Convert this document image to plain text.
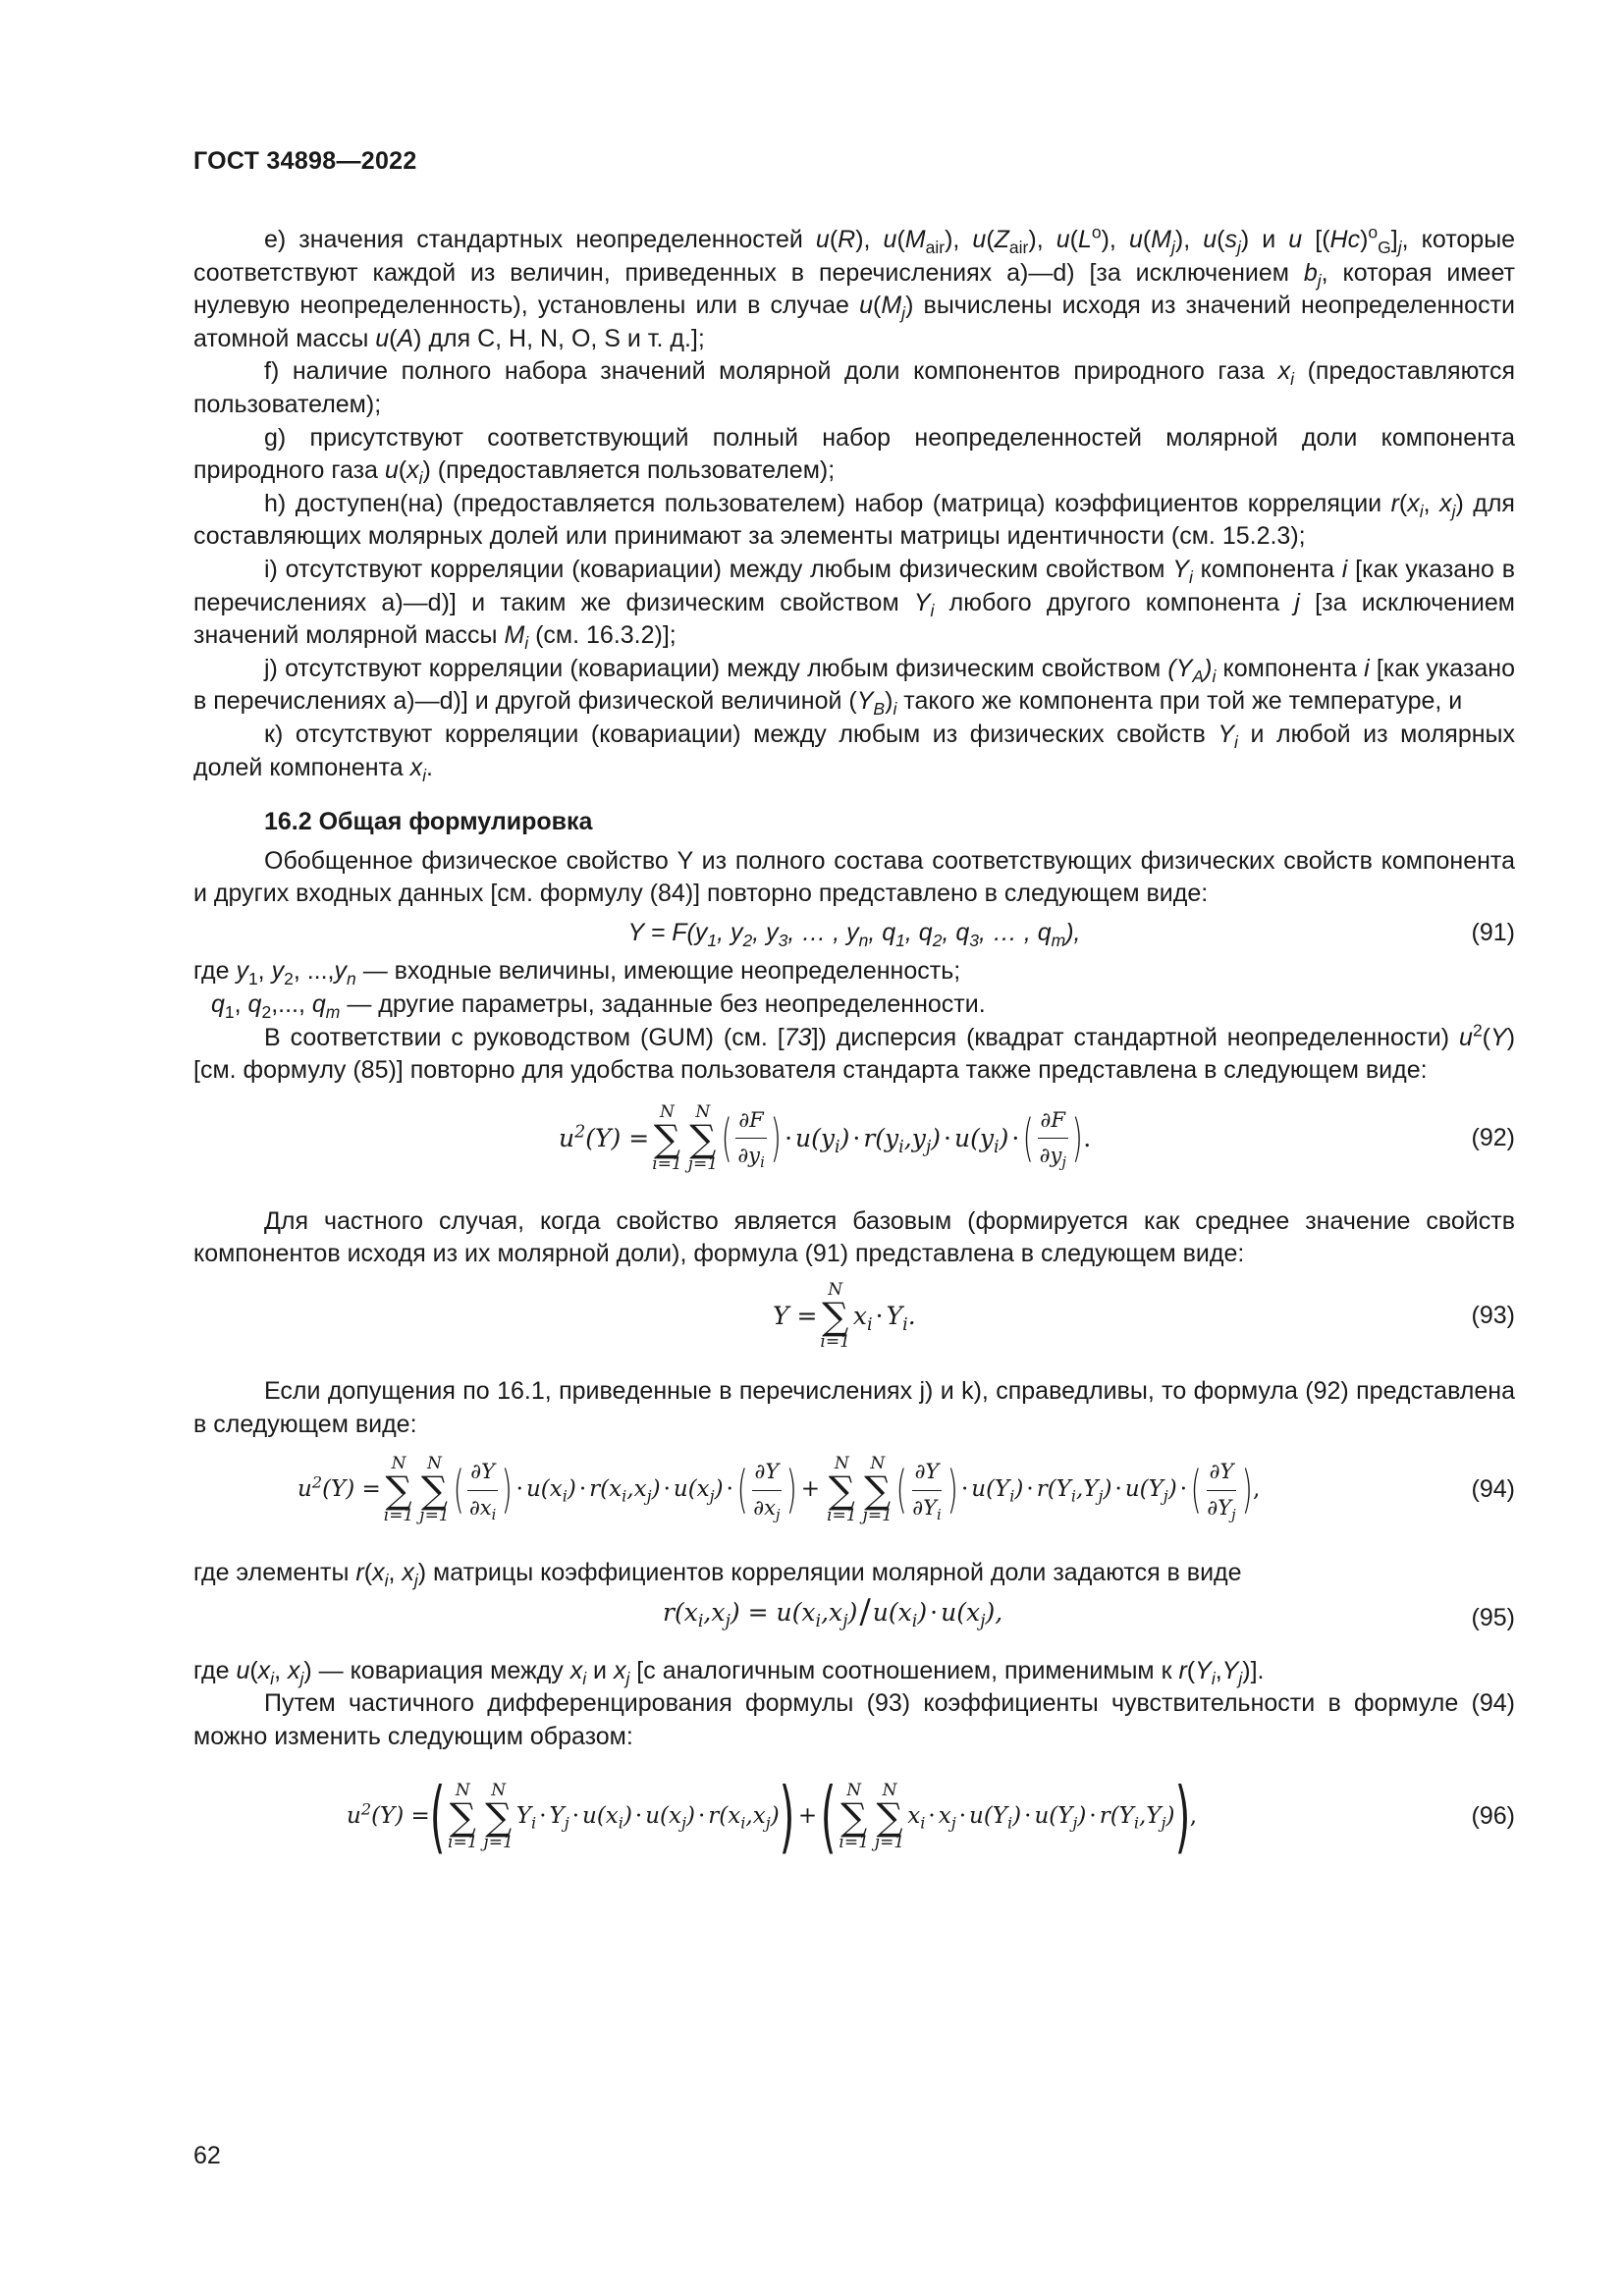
ГОСТ 34898—2022

e) значения стандартных неопределенностей u(R), $u(M_{air})$, $u(Z_{air})$, $u(L^o)$, $u(M_j)$, $u(s_j)$ и u $[(Hc)^o_G]_j$, которые соответствуют каждой из величин, приведенных в перечислениях а)—d) [за исключением $b_j$, которая имеет нулевую неопределенность), установлены или в случае $u(M_j)$ вычислены исходя из значений неопределенности атомной массы u(A) для C, H, N, O, S и т. д.];

f) наличие полного набора значений молярной доли компонентов природного газа $x_i$ (предоставляются пользователем);

g) присутствуют соответствующий полный набор неопределенностей молярной доли компонента природного газа $u(x_i)$ (предоставляется пользователем);

h) доступен(на) (предоставляется пользователем) набор (матрица) коэффициентов корреляции $r(x_i$, $x_j$) для составляющих молярных долей или принимают за элементы матрицы идентичности (см. 15.2.3);

i) отсутствуют корреляции (ковариации) между любым физическим свойством $Y_i$ компонента i [как указано в перечислениях а)—d)] и таким же физическим свойством $Y_i$ любого другого компонента j [за исключением значений молярной массы $M_i$ (см. 16.3.2)];

j) отсутствуют корреляции (ковариации) между любым физическим свойством $(Y_A)_i$ компонента i [как указано в перечислениях а)—d)] и другой физической величиной $(Y_B)_i$ такого же компонента при той же температуре, и

к) отсутствуют корреляции (ковариации) между любым из физических свойств $Y_i$ и любой из молярных долей компонента $x_i$.

16.2 Общая формулировка

Обобщенное физическое свойство Y из полного состава соответствующих физических свойств компонента и других входных данных [см. формулу (84)] повторно представлено в следующем виде:

$Y = F(y_1$, $y_2$, $y_3$, … , $y_n$, $q_1$, $q_2$, $q_3$, … , $q_m$),	(91)

где $y_1$, $y_2$, $...,y_n$ — входные величины, имеющие неопределенность;

$q_1$, $q_2$,..., $q_m$ — другие параметры, заданные без неопределенности.

В соответствии с руководством (GUM) (см. [73]) дисперсия (квадрат стандартной неопределенности) $u^2(Y)$ [см. формулу (85)] повторно для удобства пользователя стандарта также представлена в следующем виде:

$u^2(Y)$ =
N
∑
i=1
N
∑
j=1 ( $\frac{\partial F}{\partial y_i}$ ) · $u(y_i) \cdot r(y_i,y_j) \cdot u(y_i)$ · ( $\frac{\partial F}{\partial y_j}$ ) .	(92)

Для частного случая, когда свойство является базовым (формируется как среднее значение свойств компонентов исходя из их молярной доли), формула (91) представлена в следующем виде:

Y =
N
∑
i=1
$x_i \cdot Y_i$.	(93)

Если допущения по 16.1, приведенные в перечислениях j) и k), справедливы, то формула (92) представлена в следующем виде:

$u^2(Y)$ =
N
∑
i=1
N
∑
j=1 ( $\frac{\partial Y}{\partial x_i}$ ) · $u(x_i) \cdot r(x_i,x_j) \cdot u(x_j)$ · ( $\frac{\partial Y}{\partial x_j}$ ) +
N
∑
i=1
N
∑
j=1 ( $\frac{\partial Y}{\partial Y_i}$ ) · $u(Y_i) \cdot r(Y_i,Y_j) \cdot u(Y_j)$ · ( $\frac{\partial Y}{\partial Y_j}$ ) ,	(94)

где элементы $r(x_i$, $x_j$) матрицы коэффициентов корреляции молярной доли задаются в виде

$r(x_i,x_j) = u(x_i,x_j) / u(x_i) \cdot u(x_j)$,	(95)

где $u(x_i$, $x_j$) — ковариация между $x_i$ и $x_j$ [с аналогичным соотношением, применимым к $r(Y_i,Y_j)$].

Путем частичного дифференцирования формулы (93) коэффициенты чувствительности в формуле (94) можно изменить следующим образом:

$u^2(Y)$ = ( N
∑
i=1
N
∑
j=1
$Y_i \cdot Y_j \cdot u(x_i) \cdot u(x_j) \cdot r(x_i,x_j)$ ) + ( N
∑
i=1
N
∑
j=1
$x_i \cdot x_j \cdot u(Y_i) \cdot u(Y_j) \cdot r(Y_i,Y_j)$ ) ,	(96)
62
